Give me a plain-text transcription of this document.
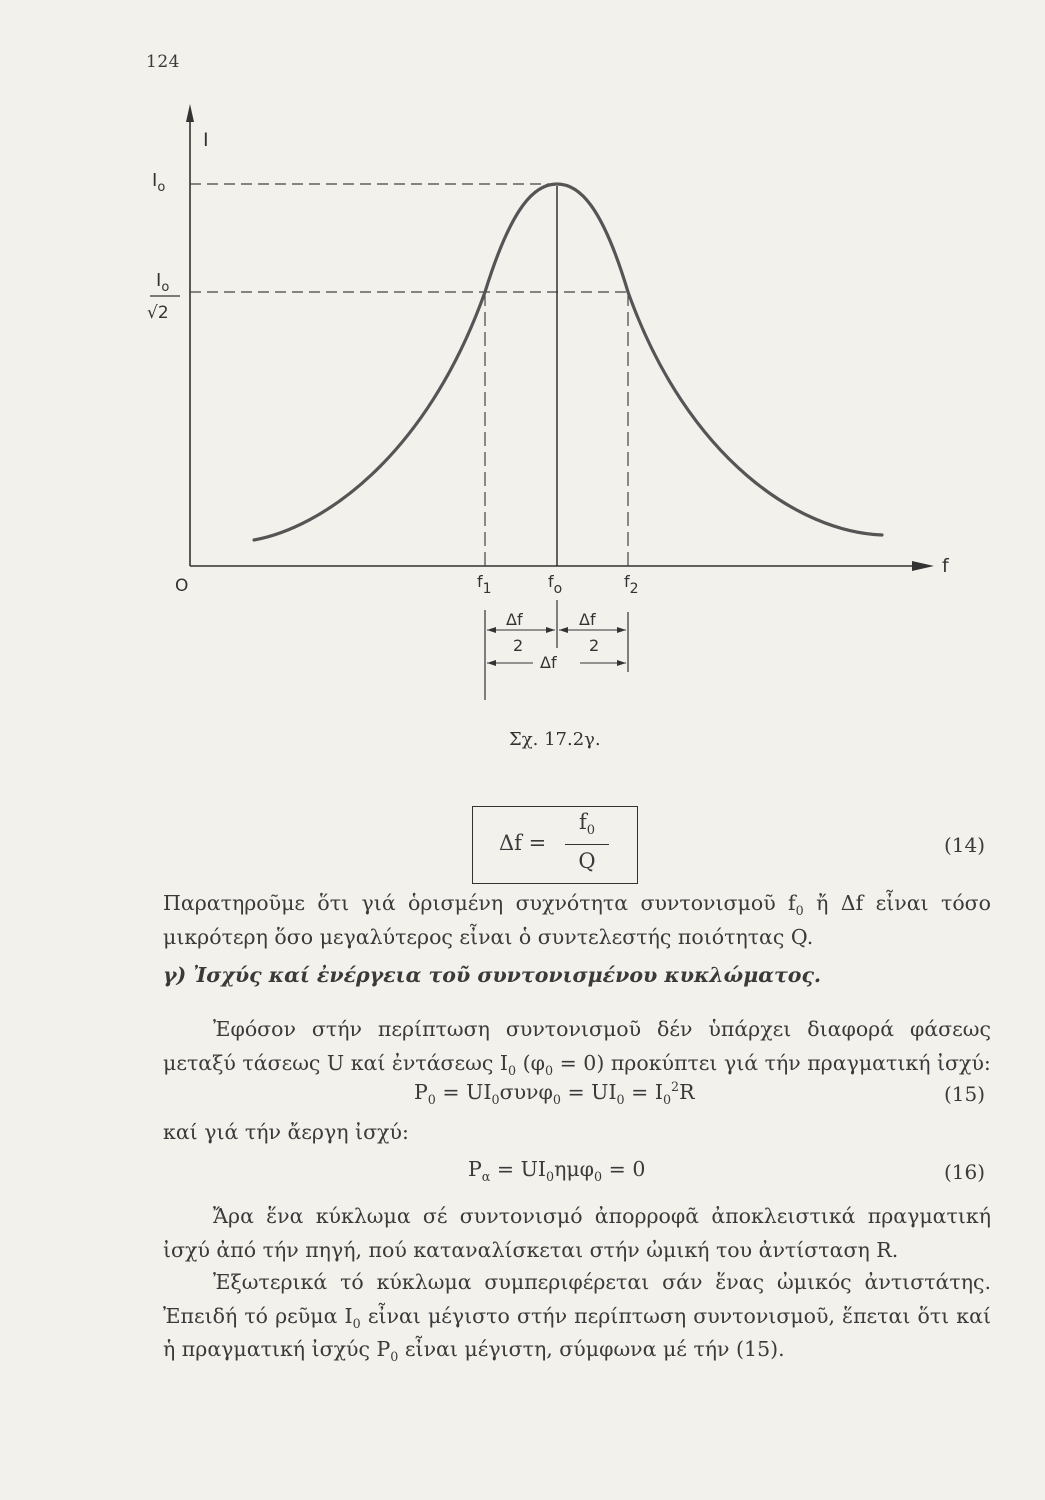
124
I
f
O
$I_o$
$I_o$
√2
f1	fo	f2
Δf
2
Δf
2
Δf
Σχ. 17.2γ.
Δf =
$f_0$
Q
(14)
Παρατηροῦμε ὅτι γιά ὁρισμένη συχνότητα συντονισμοῦ $f_0$ ἤ Δf εἶναι τόσο μικρότερη ὅσο μεγαλύτερος εἶναι ὁ συντελεστής ποιότητας Q.
γ) Ἰσχύς καί ἐνέργεια τοῦ συντονισμένου κυκλώματος.
Ἐφόσον στήν περίπτωση συντονισμοῦ δέν ὑπάρχει διαφορά φάσεως μεταξύ τάσεως U καί ἐντάσεως $I_0$ $(\varphi_0 = 0)$ προκύπτει γιά τήν πραγματική ἰσχύ:
$P_0 = UI_0\sigma\upsilon\nu\varphi_0 = UI_0 = I_0^2R$	(15)
καί γιά τήν ἄεργη ἰσχύ:
$P_\alpha = UI_0\eta\mu\varphi_0 = 0$	(16)
Ἄρα ἕνα κύκλωμα σέ συντονισμό ἀπορροφᾶ ἀποκλειστικά πραγματική ἰσχύ ἀπό τήν πηγή, πού καταναλίσκεται στήν ὠμική του ἀντίσταση R.
Ἐξωτερικά τό κύκλωμα συμπεριφέρεται σάν ἕνας ὠμικός ἀντιστάτης. Ἐπειδή τό ρεῦμα $I_0$ εἶναι μέγιστο στήν περίπτωση συντονισμοῦ, ἕπεται ὅτι καί ἡ πραγματική ἰσχύς $P_0$ εἶναι μέγιστη, σύμφωνα μέ τήν (15).
